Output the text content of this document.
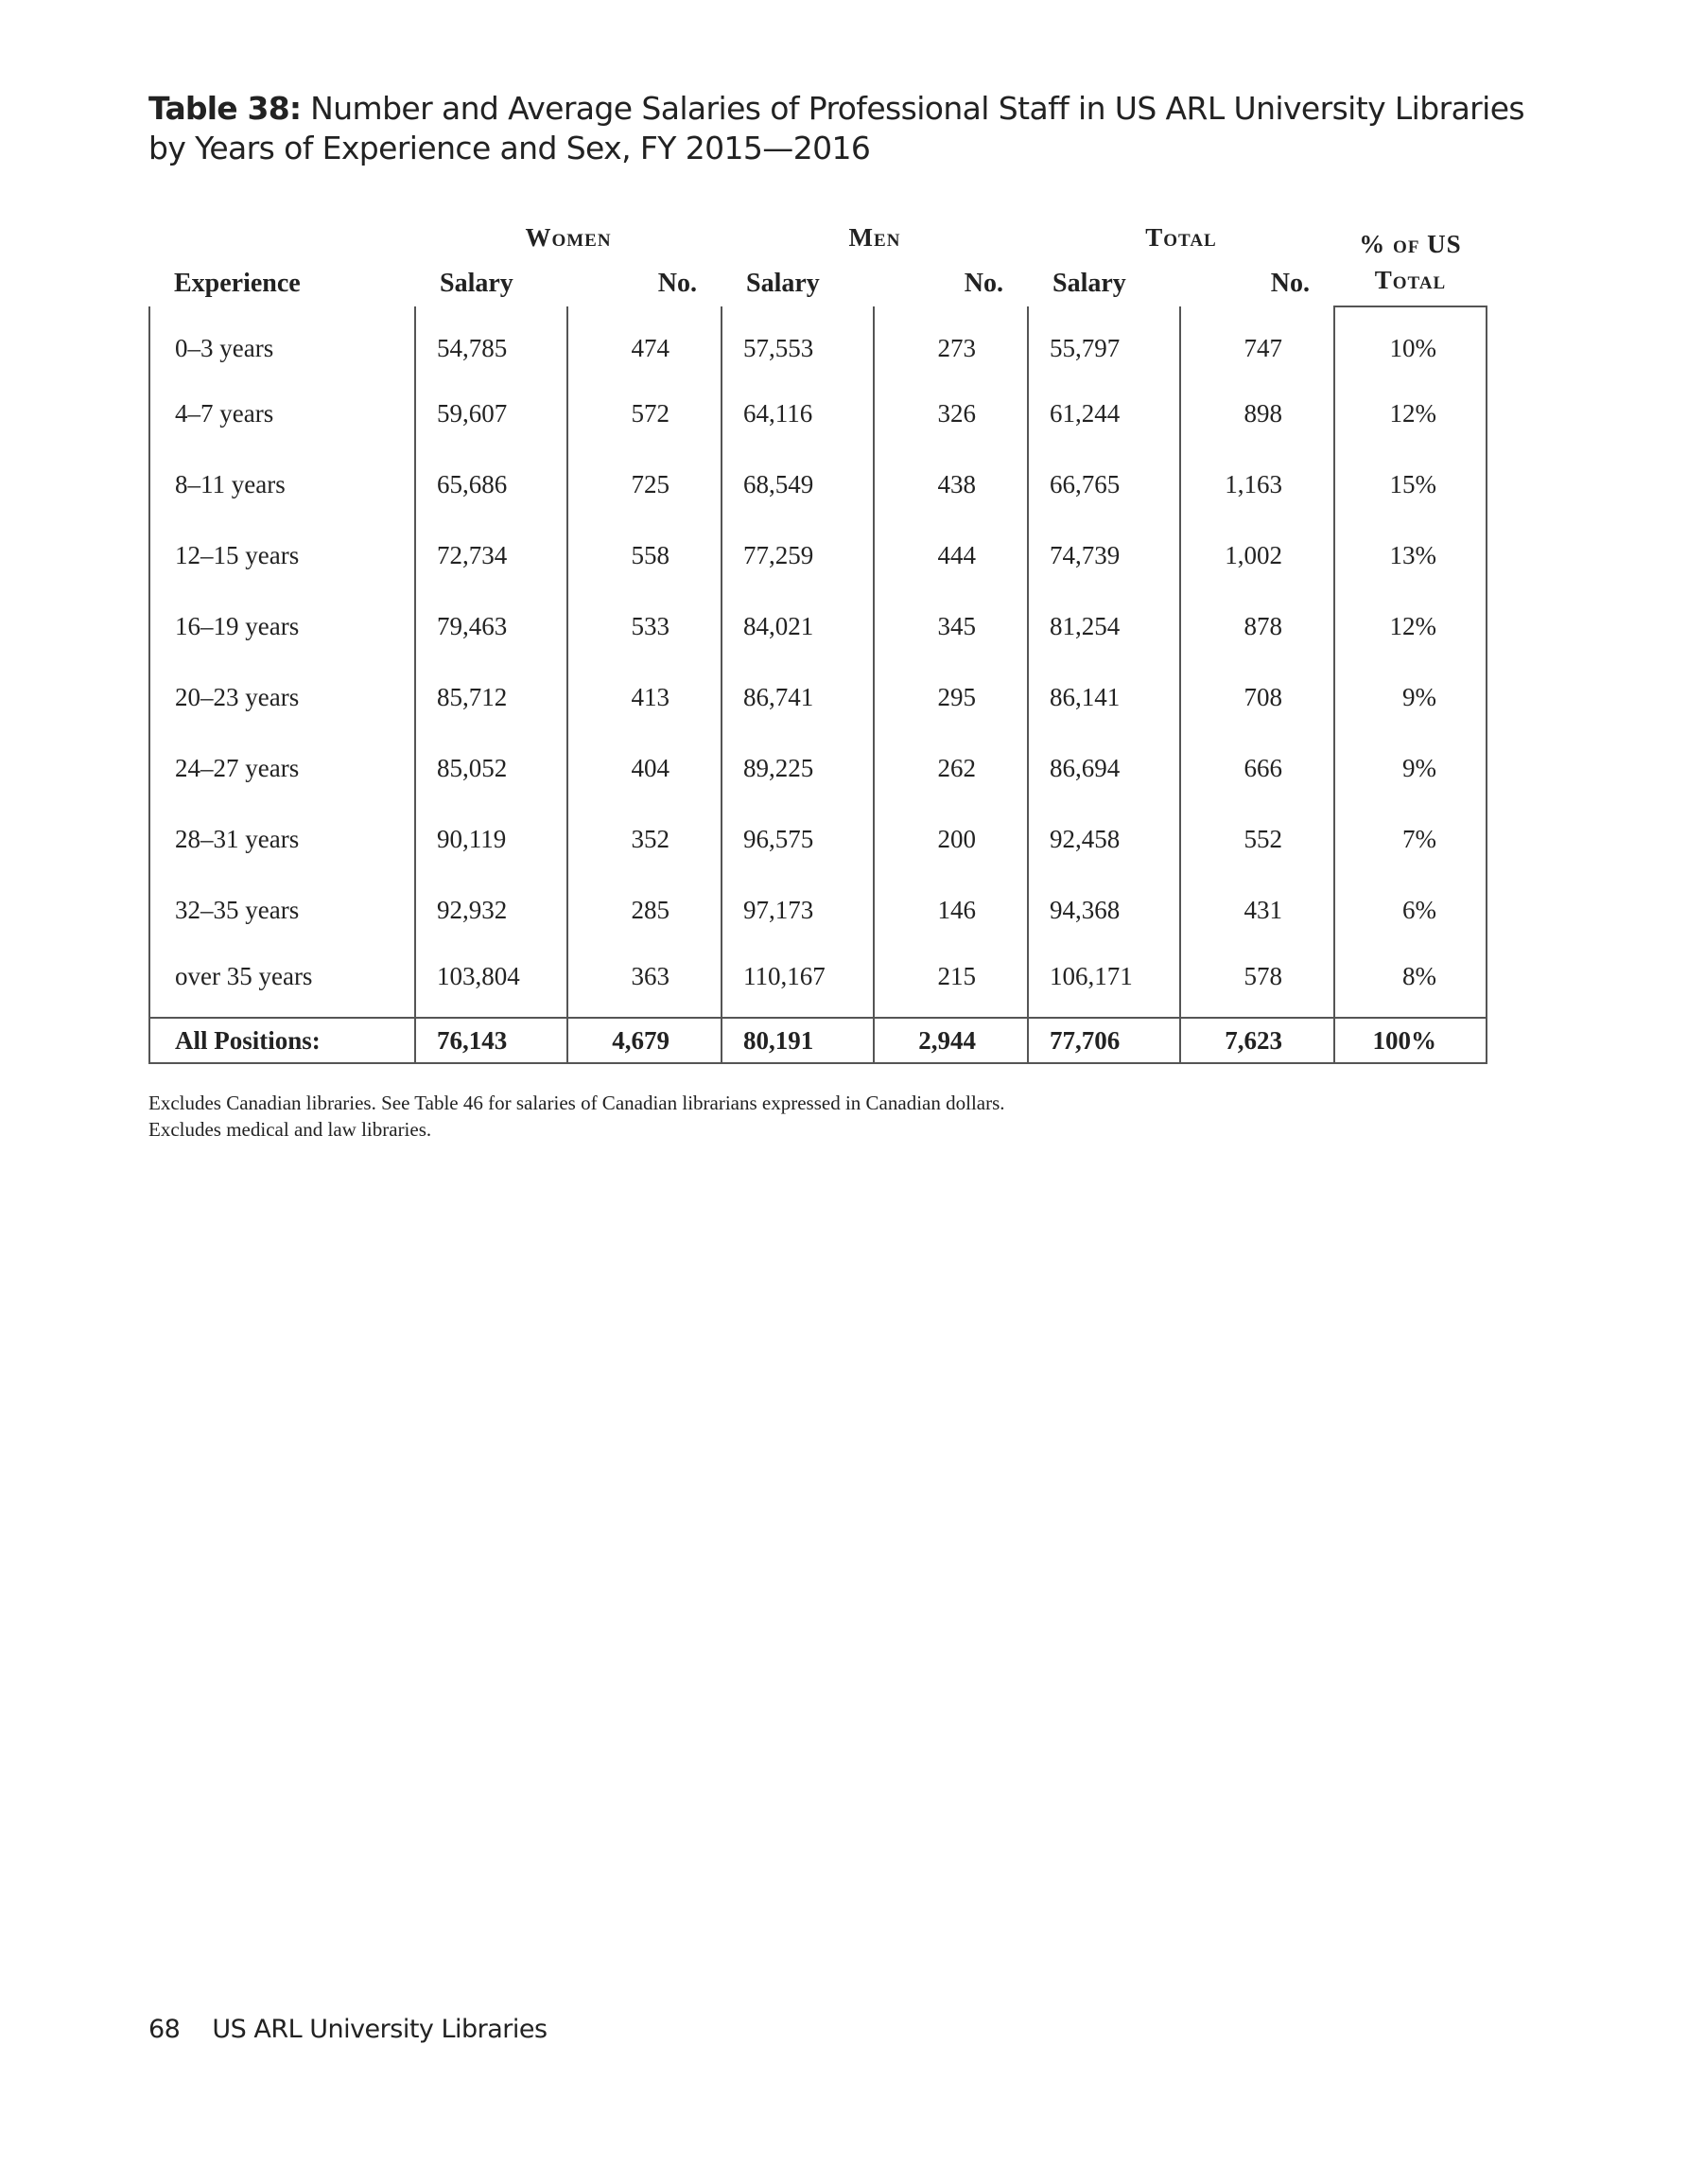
Table 38: Number and Average Salaries of Professional Staff in US ARL University Libraries by Years of Experience and Sex, FY 2015—2016
	Women		Men		Total		% of US Total
Experience	Salary	No.	Salary	No.	Salary	No.	
0–3 years	54,785	474	57,553	273	55,797	747	10%
4–7 years	59,607	572	64,116	326	61,244	898	12%
8–11 years	65,686	725	68,549	438	66,765	1,163	15%
12–15 years	72,734	558	77,259	444	74,739	1,002	13%
16–19 years	79,463	533	84,021	345	81,254	878	12%
20–23 years	85,712	413	86,741	295	86,141	708	9%
24–27 years	85,052	404	89,225	262	86,694	666	9%
28–31 years	90,119	352	96,575	200	92,458	552	7%
32–35 years	92,932	285	97,173	146	94,368	431	6%
over 35 years	103,804	363	110,167	215	106,171	578	8%
All Positions:	76,143	4,679	80,191	2,944	77,706	7,623	100%
Excludes Canadian libraries. See Table 46 for salaries of Canadian librarians expressed in Canadian dollars.
Excludes medical and law libraries.
68 US ARL University Libraries
